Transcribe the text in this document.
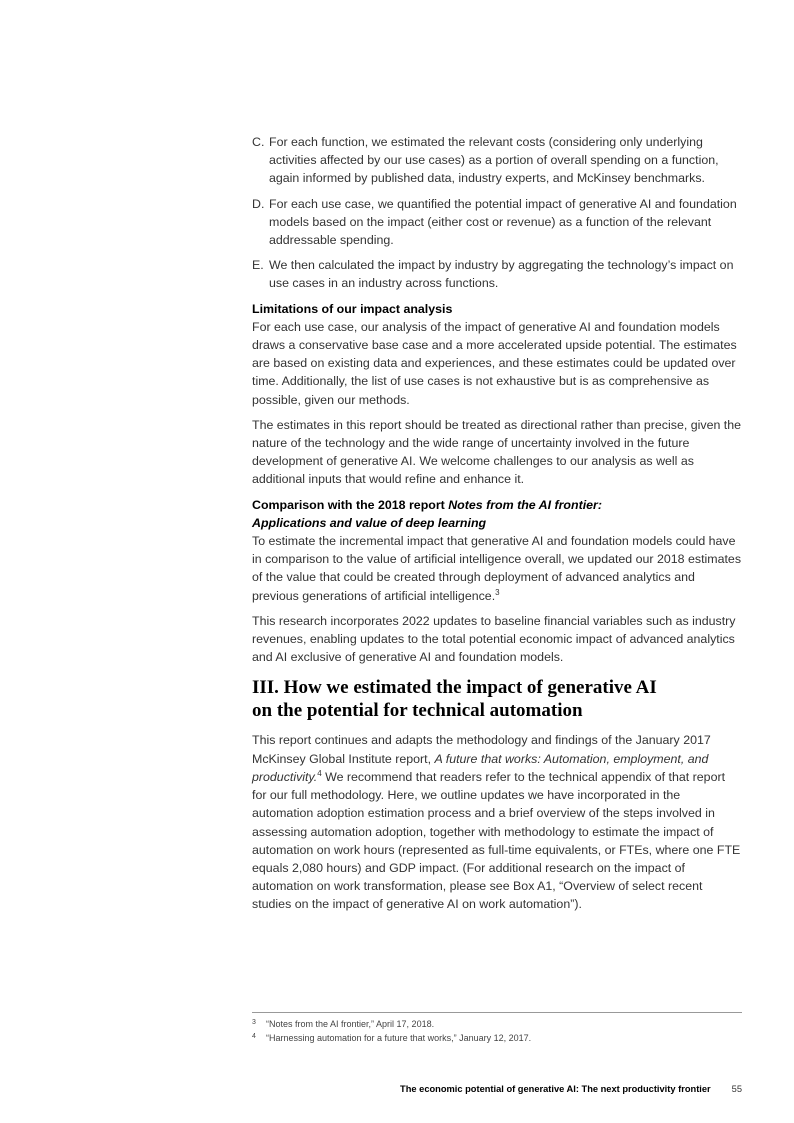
C. For each function, we estimated the relevant costs (considering only underlying activities affected by our use cases) as a portion of overall spending on a function, again informed by published data, industry experts, and McKinsey benchmarks.
D. For each use case, we quantified the potential impact of generative AI and foundation models based on the impact (either cost or revenue) as a function of the relevant addressable spending.
E. We then calculated the impact by industry by aggregating the technology’s impact on use cases in an industry across functions.
Limitations of our impact analysis

For each use case, our analysis of the impact of generative AI and foundation models draws a conservative base case and a more accelerated upside potential. The estimates are based on existing data and experiences, and these estimates could be updated over time. Additionally, the list of use cases is not exhaustive but is as comprehensive as possible, given our methods.

The estimates in this report should be treated as directional rather than precise, given the nature of the technology and the wide range of uncertainty involved in the future development of generative AI. We welcome challenges to our analysis as well as additional inputs that would refine and enhance it.

Comparison with the 2018 report Notes from the AI frontier:
Applications and value of deep learning

To estimate the incremental impact that generative AI and foundation models could have in comparison to the value of artificial intelligence overall, we updated our 2018 estimates of the value that could be created through deployment of advanced analytics and previous generations of artificial intelligence.$^3$

This research incorporates 2022 updates to baseline financial variables such as industry revenues, enabling updates to the total potential economic impact of advanced analytics and AI exclusive of generative AI and foundation models.

III. How we estimated the impact of generative AI
on the potential for technical automation

This report continues and adapts the methodology and findings of the January 2017 McKinsey Global Institute report, A future that works: Automation, employment, and productivity.$^4$ We recommend that readers refer to the technical appendix of that report for our full methodology. Here, we outline updates we have incorporated in the automation adoption estimation process and a brief overview of the steps involved in assessing automation adoption, together with methodology to estimate the impact of automation on work hours (represented as full-time equivalents, or FTEs, where one FTE equals 2,080 hours) and GDP impact. (For additional research on the impact of automation on work transformation, please see Box A1, “Overview of select recent studies on the impact of generative AI on work automation”).

3	“Notes from the AI frontier,” April 17, 2018.
4	“Harnessing automation for a future that works,” January 12, 2017.
The economic potential of generative AI: The next productivity frontier 55
